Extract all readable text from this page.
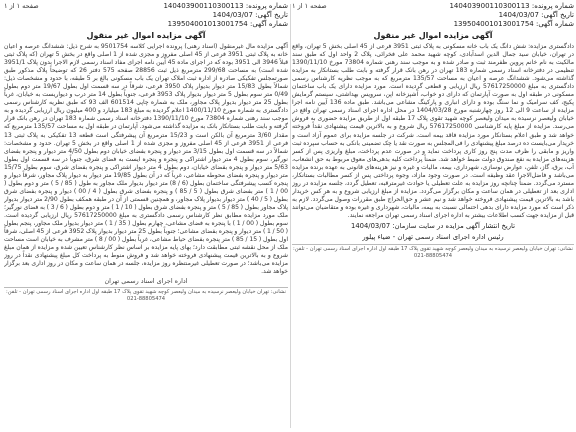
صفحه ۱ از ۱	شماره پرونده: 140403900110300113
تاریخ آگهی: 1404/03/07
شماره آگهی: 139504001013001754
آگهی مزایده اموال غیر منقول

آگهی مزایده مال غیرمنقول (اسناد رهنی) پرونده اجرایی کلاسه 9501754 به شرح ذیل: ششدانگ عرصه و اعیان خانه به پلاک ثبتی 3951 فرعی از 45 اصلی مفروز و مجزی شده از 1 اصلی واقع در بخش 5 تهران (که پلاک ثبتی قبلاً 3946 الی 3951 بوده که در اجرای ماده 45 آیین نامه اجرای مفاد اسناد رسمی لازم الاجرا بدون پلاک 3951/1 شده است) به مساحت 299/68 مترمربع ذیل ثبت 28856 صفحه 575 دفتر 26 که توضیحاً پلاک مذکور طبق صورتمجلس تفکیکی صادره از اداره ثبت املاک تهران یک باب مسکونی بالغ بر 5 طبقه، با حدود و مشخصات ذیل: شمالاً بطول 15/83 متر دیوار بدیوار پلاک 3950 فرعی، شرقاً در سه قسمت اول بطول 19/67 متر دوم بطول 0/49 متر سوم بطول 5 متر دیوار بدیوار پلاک 3953 فرعی، جنوباً بطول 14 متر درب و دیواریست به خیابان، غرباً بطول 25 متر دیوار بدیوار پلاک مجاور، ملک به شماره چاپی 601514 الف 93 که طبق نظریه کارشناس رسمی دادگستری به شماره مورخ 1400/11/10 اعلام گردیده به مبلغ 183 میلیارد و 400 میلیون ریال ارزیابی گردیده و به موجب سند رهنی شماره 73804 مورخ 1390/11/10 دفترخانه اسناد رسمی شماره 183 تهران در رهن بانک قرار گرفته و بابت طلب بستانکار بانک به مزایده گذاشته می‌شود. آپارتمان در طبقه اول به مساحت 135/57 مترمربع که مقدار 3/60 مترمربع آن بالکن است و 15/23 مترمربع آن پیشرفتگی است قطعه 13 تفکیکی به پلاک ثبتی 13 فرعی از 3951 فرعی از 45 اصلی مفروز و مجزی شده از 1 اصلی واقع در بخش 5 تهران. حدود و مشخصات: شمالاً در سه قسمت اول بطول 3/15 متر دیوار و پنجره بفضای خیابان دوم بطول 4/50 متر دیوار و پنجره بفضای نورگیر، سوم بطول 4 متر دیوار اشتراکی و پنجره و پنجره ایست به فضای شرق، جنوباً در سه قسمت اول بطول 5/63 متر دیوار و پنجره بفضای خیابان، دوم بطول 4 متر دیوار اشتراکی و پنجره بفضای شرق، سوم بطول 15/75 متر دیوار و پنجره بفضای محوطه مشاعی، غرباً که در آن بطول 19/85 متر دیوار به دیوار پلاک مجاور، شرقاً دیوار و پنجره کسب پیشرفتگی ساختمان بطول (6 / 8) متر دیوار بدیوار ملک مجاور به طول ( 85 / 5 ) متر و دوم بطول ( 00 / 1 ) متر بفضای شرق بطول ( 5 / 85 ) و پنجره بفضای شرق بطول ( 4 / 00 ) دیوار و پنجره بفضای شرق بطول ( 5 / 40 ) متر دیوار بدیوار پلاک مجاور، و همچنین قسمتی از آن در طبقه همکف بطول 2/90 متر دیوار بدیوار پلاک مجاور بطول ( 85 / 5 ) متر و پنجره بفضای شرق بطول ( 10 / 1 ) متر و دوم بطول ( 6 / 3 ) به فضای نورگیر؛ ملک مورد مزایده مطابق نظر کارشناس رسمی دادگستری به مبلغ 57617250000 ریال ارزیابی گردیده است. سوم بطول ( 00 / 1 ) با پنجره به فضای مشاعی، چهارم بطول ( 35 / 1 ) متر دیوار بدیوار ملک مجاور، پنجم بطول ( 50 / 1 ) متر دیوار و پنجره بفضای مشاعی؛ جنوباً بطول 25 متر دیوار بدیوار پلاک 3952 فرعی از 45 اصلی، شرقاً اول بطول ( 15 / 85 ) متر پنجره بفضای حیاط مشاعی، غرباً بطول ( 00 / 8 ) متر مشرف به خیابان است مساحت ملک از محل نقشه ثبتی مطابقت دارد؛ بهای پایه مزایده بر اساس نظر کارشناس تعیین شده و مزایده از همان مبلغ شروع و به بالاترین قیمت پیشنهادی فروخته خواهد شد و فروش منوط به پرداخت کل مبلغ پیشنهادی نقداً در روز مزایده می‌باشد؛ در صورت تعطیلی غیرمنتظره روز مزایده، جلسه در همان ساعت و مکان در روز اداری بعد برگزار خواهد شد.

اداره اجرای اسناد رسمی تهران
نشانی: تهران خیابان ولیعصر نرسیده به میدان ولیعصر کوچه شهید تقوی پلاک 17 طبقه اول اداره اجرای اسناد رسمی تهران - تلفن: 88805474-021
صفحه ۱ از ۱	شماره پرونده: 140403900110300113
تاریخ آگهی: 1404/03/07
شماره آگهی: 139504001013001754
آگهی مزایده اموال غیر منقول

دادگستری مزایده: شش دانگ یک باب خانه مسکونی به پلاک ثبتی 3951 فرعی از 45 اصلی بخش 5 تهران، واقع در تهران، خیابان سید جمال الدین اسدآبادی، کوچه شهید محمد علی فخرائی، پلاک 2 واحد اول که طبق سند مالکیت به نام خانم پروین ظفرمند ثبت و صادر شده و به موجب سند رهنی شماره 73804 مورخ 1390/11/10 تنظیمی در دفترخانه اسناد رسمی شماره 183 تهران در رهن بانک قرار گرفته و بابت طلب بستانکار به مزایده گذاشته می‌شود. ششدانگ عرصه و اعیان به مساحت 135/57 مترمربع که به موجب نظریه کارشناس رسمی دادگستری به مبلغ 57617250000 ریال ارزیابی و قطعی گردیده است. مورد مزایده دارای یک باب ساختمان مسکونی در طبقه اول به صورت آپارتمان که دارای دو خواب، آشپزخانه اپن، سرویس بهداشتی، سیستم گرمایش پکیج، کف سرامیک و نما سنگ بوده و دارای انباری و پارکینگ مشاعی می‌باشد. طبق ماده 136 آیین نامه اجرا مزایده از ساعت 9 الی 12 روز چهارشنبه مورخ 1404/03/28 در محل اداره اجرای اسناد رسمی تهران واقع در خیابان ولیعصر نرسیده به میدان ولیعصر کوچه شهید تقوی پلاک 17 طبقه اول از طریق مزایده حضوری به فروش می‌رسد. مزایده از مبلغ پایه کارشناسی 57617250000 ریال شروع و به بالاترین قیمت پیشنهادی نقداً فروخته خواهد شد و طبق اعلام بستانکار مورد مزایده فاقد بیمه است. شرکت در جلسه مزایده برای عموم آزاد است و خریدار می‌بایست ده درصد مبلغ پیشنهادی را فی‌المجلس به صورت نقد یا چک تضمینی بانکی به حساب سپرده ثبت واریز و مابقی را ظرف مدت پنج روز کاری پرداخت نماید و در صورت عدم پرداخت، مبلغ واریزی پس از کسر هزینه‌های مزایده به نفع صندوق دولت ضبط خواهد شد. ضمناً پرداخت کلیه بدهی‌های معوق مربوط به حق انشعاب، آب، برق، گاز، تلفن، عوارض نوسازی، شهرداری، بیمه، مالیات و غیره و نیز هزینه‌های قانونی به عهده برنده مزایده می‌باشد و فاضل‌الاجرا عقد وظیفه است. در صورت وجود مازاد، وجوه پرداختی پس از کسر مطالبات بستانکار، مسترد می‌گردد. ضمناً چنانچه روز مزایده به علت تعطیلی یا حوادث غیرمترقبه، تعطیل گردد، جلسه مزایده در روز اداری بعد از تعطیلی در همان ساعت و مکان برگزار می‌گردد. مزایده از مبلغ ارزیابی شروع و به هر کس خریدار باشد به بالاترین قیمت پیشنهادی فروخته خواهد شد و نیم عشر و حق‌الحراج طبق مقررات وصول می‌گردد. لازم به ذکر است که مورد مزایده دارای بدهی احتمالی نسبت به بیمه، مالیات، شهرداری و غیره بوده و متقاضیان می‌توانند قبل از مزایده جهت کسب اطلاعات بیشتر به اداره اجرای اسناد رسمی تهران مراجعه نمایند.

تاریخ انتشار آگهی مزایده در سایت سازمان: 1404/03/07
رئیس اداره اجرای اسناد رسمی تهران - ضیاء پیلور
نشانی: تهران خیابان ولیعصر نرسیده به میدان ولیعصر کوچه شهید تقوی پلاک 17 طبقه اول اداره اجرای اسناد رسمی تهران - تلفن: 88805474-021
